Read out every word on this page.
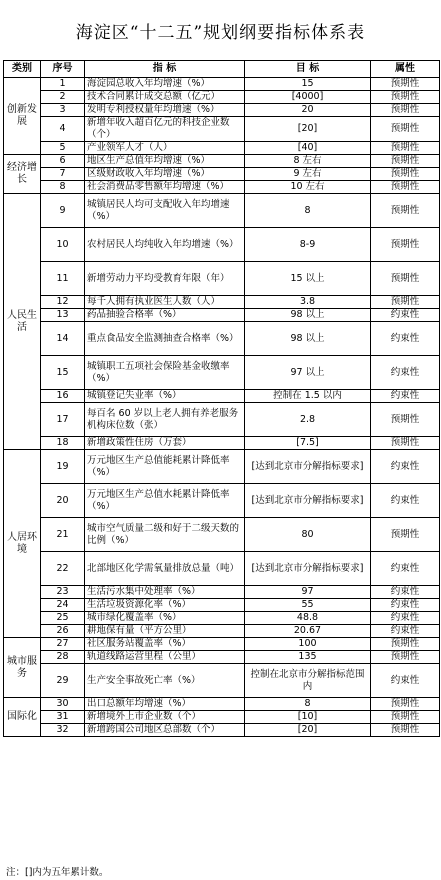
海淀区“十二五”规划纲要指标体系表
类别	序号	指 标	目 标	属性
创新发展	1	海淀园总收入年均增速（%）	15	预期性
	2	技术合同累计成交总额（亿元）	[4000]	预期性
	3	发明专利授权量年均增速（%）	20	预期性
	4	新增年收入超百亿元的科技企业数（个）	[20]	预期性
	5	产业领军人才（人）	[40]	预期性
经济增长	6	地区生产总值年均增速（%）	8 左右	预期性
	7	区级财政收入年均增速（%）	9 左右	预期性
	8	社会消费品零售额年均增速（%）	10 左右	预期性
人民生活	9	城镇居民人均可支配收入年均增速（%）	8	预期性
	10	农村居民人均纯收入年均增速（%）	8-9	预期性
	11	新增劳动力平均受教育年限（年）	15 以上	预期性
	12	每千人拥有执业医生人数（人）	3.8	预期性
	13	药品抽验合格率（%）	98 以上	约束性
	14	重点食品安全监测抽查合格率（%）	98 以上	约束性
	15	城镇职工五项社会保险基金收缴率（%）	97 以上	约束性
	16	城镇登记失业率（%）	控制在 1.5 以内	约束性
	17	每百名 60 岁以上老人拥有养老服务机构床位数（张）	2.8	预期性
	18	新增政策性住房（万套）	[7.5]	预期性
人居环境	19	万元地区生产总值能耗累计降低率（%）	[达到北京市分解指标要求]	约束性
	20	万元地区生产总值水耗累计降低率（%）	[达到北京市分解指标要求]	约束性
	21	城市空气质量二级和好于二级天数的比例（%）	80	预期性
	22	北部地区化学需氧量排放总量（吨）	[达到北京市分解指标要求]	约束性
	23	生活污水集中处理率（%）	97	约束性
	24	生活垃圾资源化率（%）	55	约束性
	25	城市绿化覆盖率（%）	48.8	约束性
	26	耕地保有量（平方公里）	20.67	约束性
城市服务	27	社区服务站覆盖率（%）	100	预期性
	28	轨道线路运营里程（公里）	135	预期性
	29	生产安全事故死亡率（%）	控制在北京市分解指标范围内	约束性
国际化	30	出口总额年均增速（%）	8	预期性
	31	新增境外上市企业数（个）	[10]	预期性
	32	新增跨国公司地区总部数（个）	[20]	预期性
注：[]内为五年累计数。
